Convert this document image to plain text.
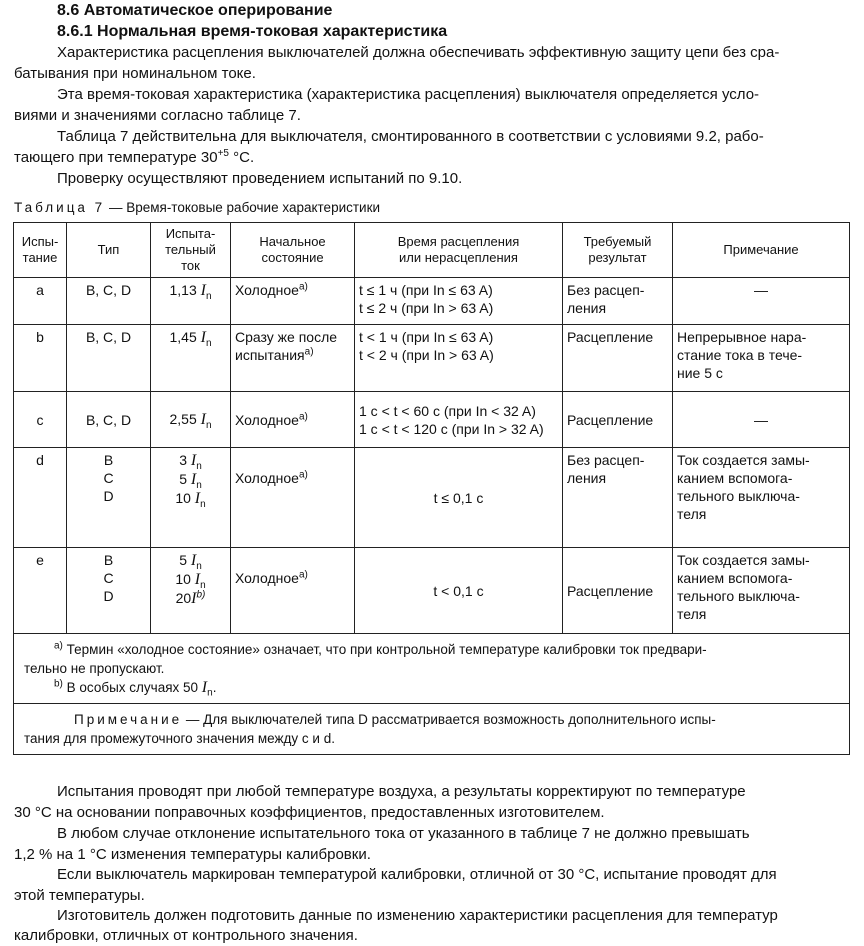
8.6 Автоматическое оперирование
8.6.1 Нормальная время-токовая характеристика
Характеристика расцепления выключателей должна обеспечивать эффективную защиту цепи без сра-
батывания при номинальном токе.
Эта время-токовая характеристика (характеристика расцепления) выключателя определяется усло-
виями и значениями согласно таблице 7.
Таблица 7 действительна для выключателя, смонтированного в соответствии с условиями 9.2, рабо-
тающего при температуре $30^{+5}$ °С.
Проверку осуществляют проведением испытаний по 9.10.
Таблица 7 — Время-токовые рабочие характеристики
Испы-
тание	Тип	Испыта-
тельный
ток	Начальное
состояние	Время расцепления
или нерасцепления	Требуемый
результат	Примечание
a	B, C, D	1,13 $I_n$	Холодное$^{а)}$	t ≤ 1 ч (при In ≤ 63 A)
t ≤ 2 ч (при In > 63 A)	Без расцеп-
ления	—
b	B, C, D	1,45 $I_n$	Сразу же после
испытания$^{а)}$	t < 1 ч (при In ≤ 63 A)
t < 2 ч (при In > 63 A)	Расцепление	Непрерывное нара-
стание тока в тече-
ние 5 с

c	B, C, D	2,55 $I_n$	Холодное$^{а)}$	1 с < t < 60 с (при In < 32 A)
1 с < t < 120 с (при In > 32 A)	Расцепление	—
d	B
C
D	3 $I_n$
5 $I_n$
10 $I_n$	Холодное$^{а)}$	t ≤ 0,1 с	Без расцеп-
ления	Ток создается замы-
канием вспомога-
тельного выключа-
теля

e	B
C
D	5 $I_n$
10 $I_n$
$20I^{b)}$	Холодное$^{а)}$	t < 0,1 с	Расцепление	Ток создается замы-
канием вспомога-
тельного выключа-
теля

$^{а)}$ Термин «холодное состояние» означает, что при контрольной температуре калибровки ток предвари-
тельно не пропускают.
$^{b)}$ В особых случаях 50 $I_n$.						

Примечание — Для выключателей типа D рассматривается возможность дополнительного испы-
тания для промежуточного значения между с и d.						
Испытания проводят при любой температуре воздуха, а результаты корректируют по температуре
30 °С на основании поправочных коэффициентов, предоставленных изготовителем.
В любом случае отклонение испытательного тока от указанного в таблице 7 не должно превышать
1,2 % на 1 °С изменения температуры калибровки.
Если выключатель маркирован температурой калибровки, отличной от 30 °С, испытание проводят для
этой температуры.
Изготовитель должен подготовить данные по изменению характеристики расцепления для температур
калибровки, отличных от контрольного значения.
